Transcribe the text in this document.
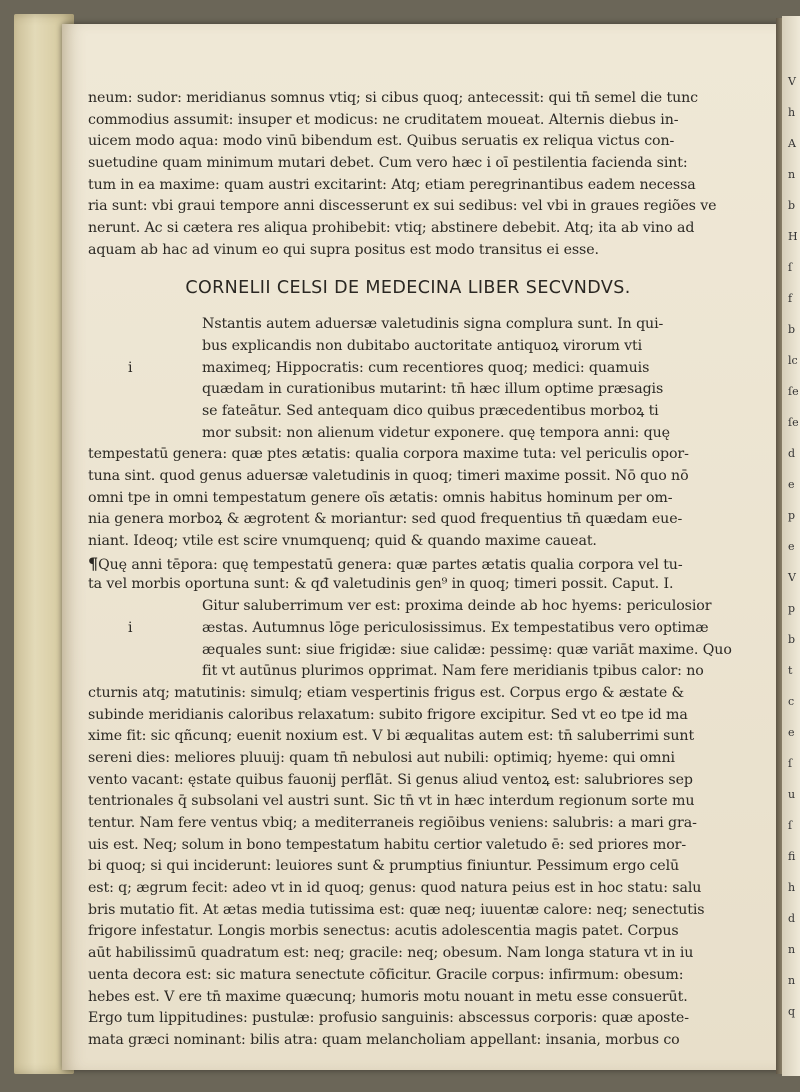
V
h
A
n
b
H
ſ
f
b
lc
ſe
ſe
d
e
p
e
V
p
b
t
c
e
ſ
u
ſ
fi
h
d
n
n
q
neum: sudor: meridianus somnus vtiq; si cibus quoq; antecessit: qui tn̄ semel die tunc
commodius assumit: insuper et modicus: ne cruditatem moueat. Alternis diebus in-
uicem modo aqua: modo vinū bibendum est. Quibus seruatis ex reliqua victus con-
suetudine quam minimum mutari debet. Cum vero hæc i oī pestilentia facienda sint:
tum in ea maxime: quam austri excitarint: Atq; etiam peregrinantibus eadem necessa
ria sunt: vbi graui tempore anni discesserunt ex sui sedibus: vel vbi in graues regiões ve
nerunt. Ac si cætera res aliqua prohibebit: vtiq; abstinere debebit. Atq; ita ab vino ad
aquam ab hac ad vinum eo qui supra positus est modo transitus ei esse.
CORNELII CELSI DE MEDECINA LIBER SECVNDVS.
Nstantis autem aduersæ valetudinis signa complura sunt. In qui-
bus explicandis non dubitabo auctoritate antiquoꝝ virorum vti
maximeq; Hippocratis: cum recentiores quoq; medici: quamuis
quædam in curationibus mutarint: tn̄ hæc illum optime præsagis
se fateātur. Sed antequam dico quibus præcedentibus morboꝝ ti
mor subsit: non alienum videtur exponere. quę tempora anni: quę
i
tempestatū genera: quæ ptes ætatis: qualia corpora maxime tuta: vel periculis opor-
tuna sint. quod genus aduersæ valetudinis in quoq; timeri maxime possit. Nō quo nō
omni tpe in omni tempestatum genere oīs ætatis: omnis habitus hominum per om-
nia genera morboꝝ & ægrotent & moriantur: sed quod frequentius tn̄ quædam eue-
niant. Ideoq; vtile est scire vnumquenq; quid & quando maxime caueat.
¶Quę anni tēpora: quę tempestatū genera: quæ partes ætatis qualia corpora vel tu-
ta vel morbis oportuna sunt: & qđ valetudinis gen⁹ in quoq; timeri possit. Caput. I.
Gitur saluberrimum ver est: proxima deinde ab hoc hyems: periculosior
æstas. Autumnus lōge periculosissimus. Ex tempestatibus vero optimæ
æquales sunt: siue frigidæ: siue calidæ: pessimę: quæ variāt maxime. Quo
fit vt autūnus plurimos opprimat. Nam fere meridianis tpibus calor: no
i
cturnis atq; matutinis: simulq; etiam vespertinis frigus est. Corpus ergo & æstate &
subinde meridianis caloribus relaxatum: subito frigore excipitur. Sed vt eo tpe id ma
xime fit: sic qñcunq; euenit noxium est. V bi æqualitas autem est: tn̄ saluberrimi sunt
sereni dies: meliores pluuij: quam tn̄ nebulosi aut nubili: optimiq; hyeme: qui omni
vento vacant: ęstate quibus fauonij perflāt. Si genus aliud ventoꝝ est: salubriores sep
tentrionales q̄ subsolani vel austri sunt. Sic tn̄ vt in hæc interdum regionum sorte mu
tentur. Nam fere ventus vbiq; a mediterraneis regiōibus veniens: salubris: a mari gra-
uis est. Neq; solum in bono tempestatum habitu certior valetudo ē: sed priores mor-
bi quoq; si qui inciderunt: leuiores sunt & prumptius finiuntur. Pessimum ergo celū
est: q; ægrum fecit: adeo vt in id quoq; genus: quod natura peius est in hoc statu: salu
bris mutatio fit. At ætas media tutissima est: quæ neq; iuuentæ calore: neq; senectutis
frigore infestatur. Longis morbis senectus: acutis adolescentia magis patet. Corpus
aūt habilissimū quadratum est: neq; gracile: neq; obesum. Nam longa statura vt in iu
uenta decora est: sic matura senectute cōficitur. Gracile corpus: infirmum: obesum:
hebes est. V ere tn̄ maxime quæcunq; humoris motu nouant in metu esse consuerūt.
Ergo tum lippitudines: pustulæ: profusio sanguinis: abscessus corporis: quæ aposte-
mata græci nominant: bilis atra: quam melancholiam appellant: insania, morbus co
